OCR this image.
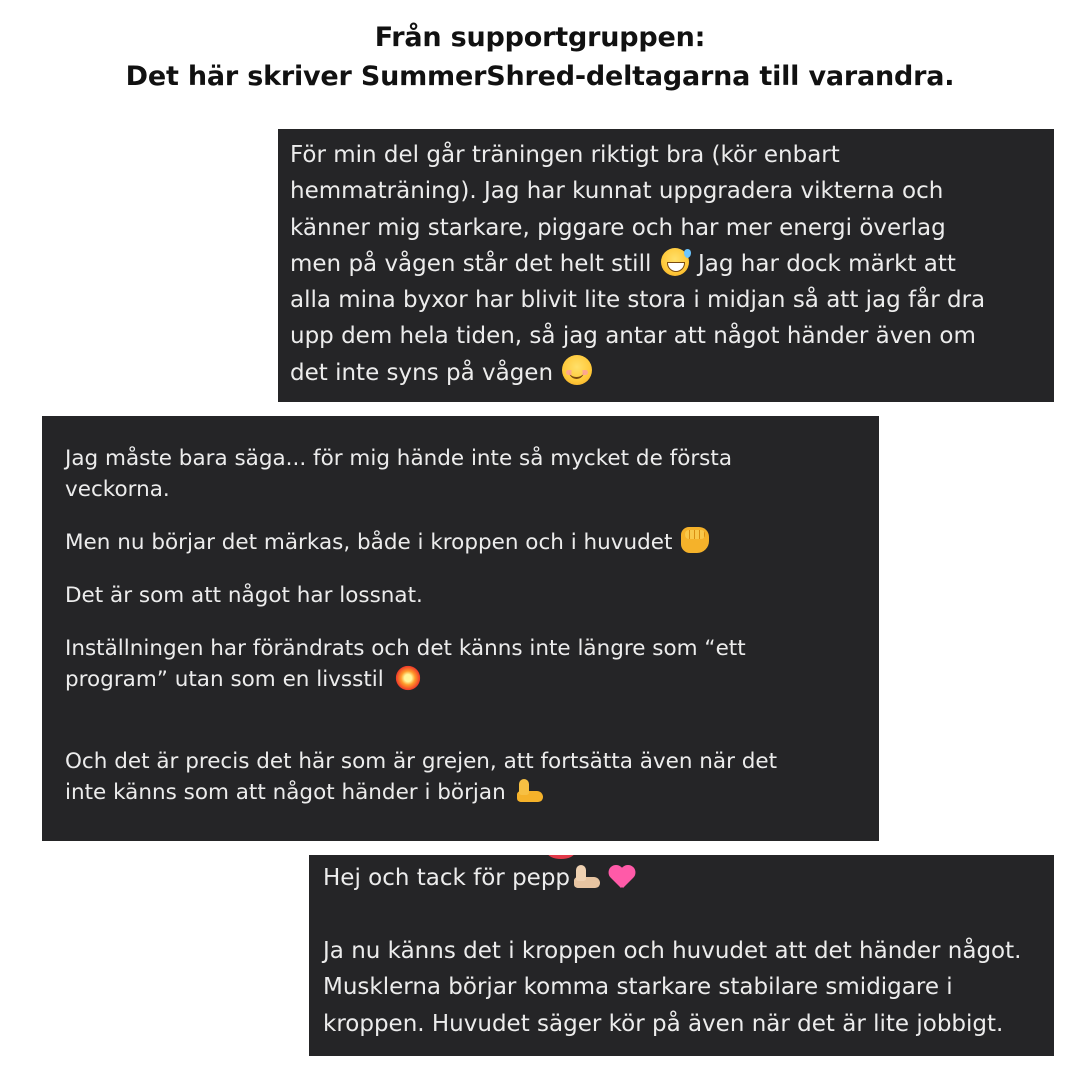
Från supportgruppen:
Det här skriver SummerShred-deltagarna till varandra.
För min del går träningen riktigt bra (kör enbart
hemmaträning). Jag har kunnat uppgradera vikterna och
känner mig starkare, piggare och har mer energi överlag
men på vågen står det helt still Jag har dock märkt att
alla mina byxor har blivit lite stora i midjan så att jag får dra
upp dem hela tiden, så jag antar att något händer även om
det inte syns på vågen

Jag måste bara säga... för mig hände inte så mycket de första
veckorna.

Men nu börjar det märkas, både i kroppen och i huvudet

Det är som att något har lossnat.

Inställningen har förändrats och det känns inte längre som “ett
program” utan som en livsstil

Och det är precis det här som är grejen, att fortsätta även när det
inte känns som att något händer i början

Hej och tack för pepp

Ja nu känns det i kroppen och huvudet att det händer något.

Musklerna börjar komma starkare stabilare smidigare i

kroppen. Huvudet säger kör på även när det är lite jobbigt.
